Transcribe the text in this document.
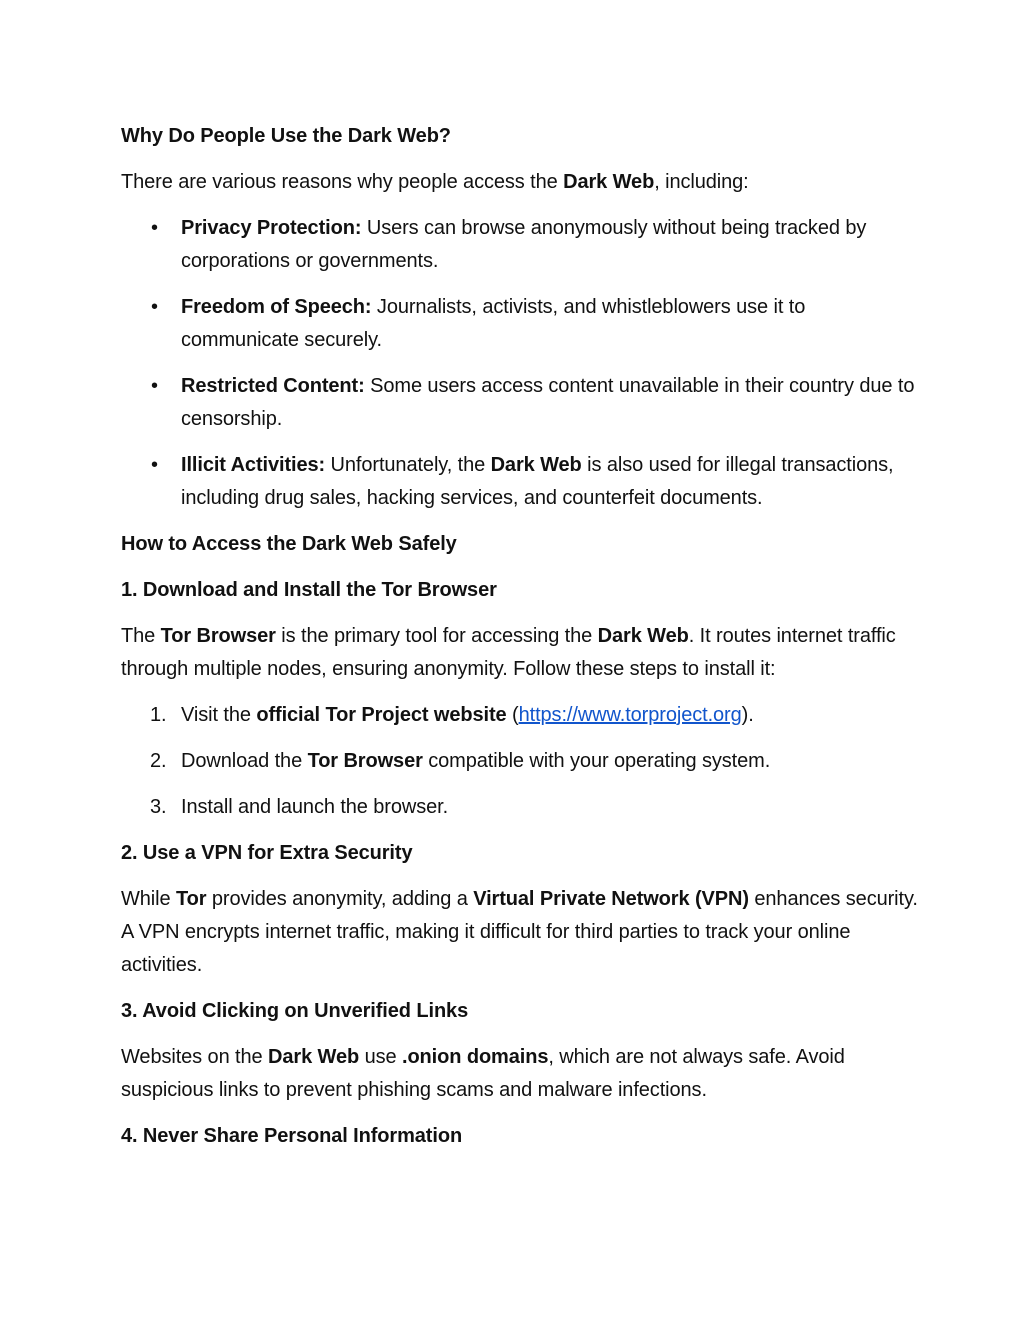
Why Do People Use the Dark Web?
There are various reasons why people access the Dark Web, including:
• Privacy Protection: Users can browse anonymously without being tracked by corporations or governments.
• Freedom of Speech: Journalists, activists, and whistleblowers use it to communicate securely.
• Restricted Content: Some users access content unavailable in their country due to censorship.
• Illicit Activities: Unfortunately, the Dark Web is also used for illegal transactions, including drug sales, hacking services, and counterfeit documents.
How to Access the Dark Web Safely
1. Download and Install the Tor Browser
The Tor Browser is the primary tool for accessing the Dark Web. It routes internet traffic through multiple nodes, ensuring anonymity. Follow these steps to install it:
1. Visit the official Tor Project website (https://www.torproject.org).
2. Download the Tor Browser compatible with your operating system.
3. Install and launch the browser.
2. Use a VPN for Extra Security
While Tor provides anonymity, adding a Virtual Private Network (VPN) enhances security. A VPN encrypts internet traffic, making it difficult for third parties to track your online activities.
3. Avoid Clicking on Unverified Links
Websites on the Dark Web use .onion domains, which are not always safe. Avoid suspicious links to prevent phishing scams and malware infections.
4. Never Share Personal Information
